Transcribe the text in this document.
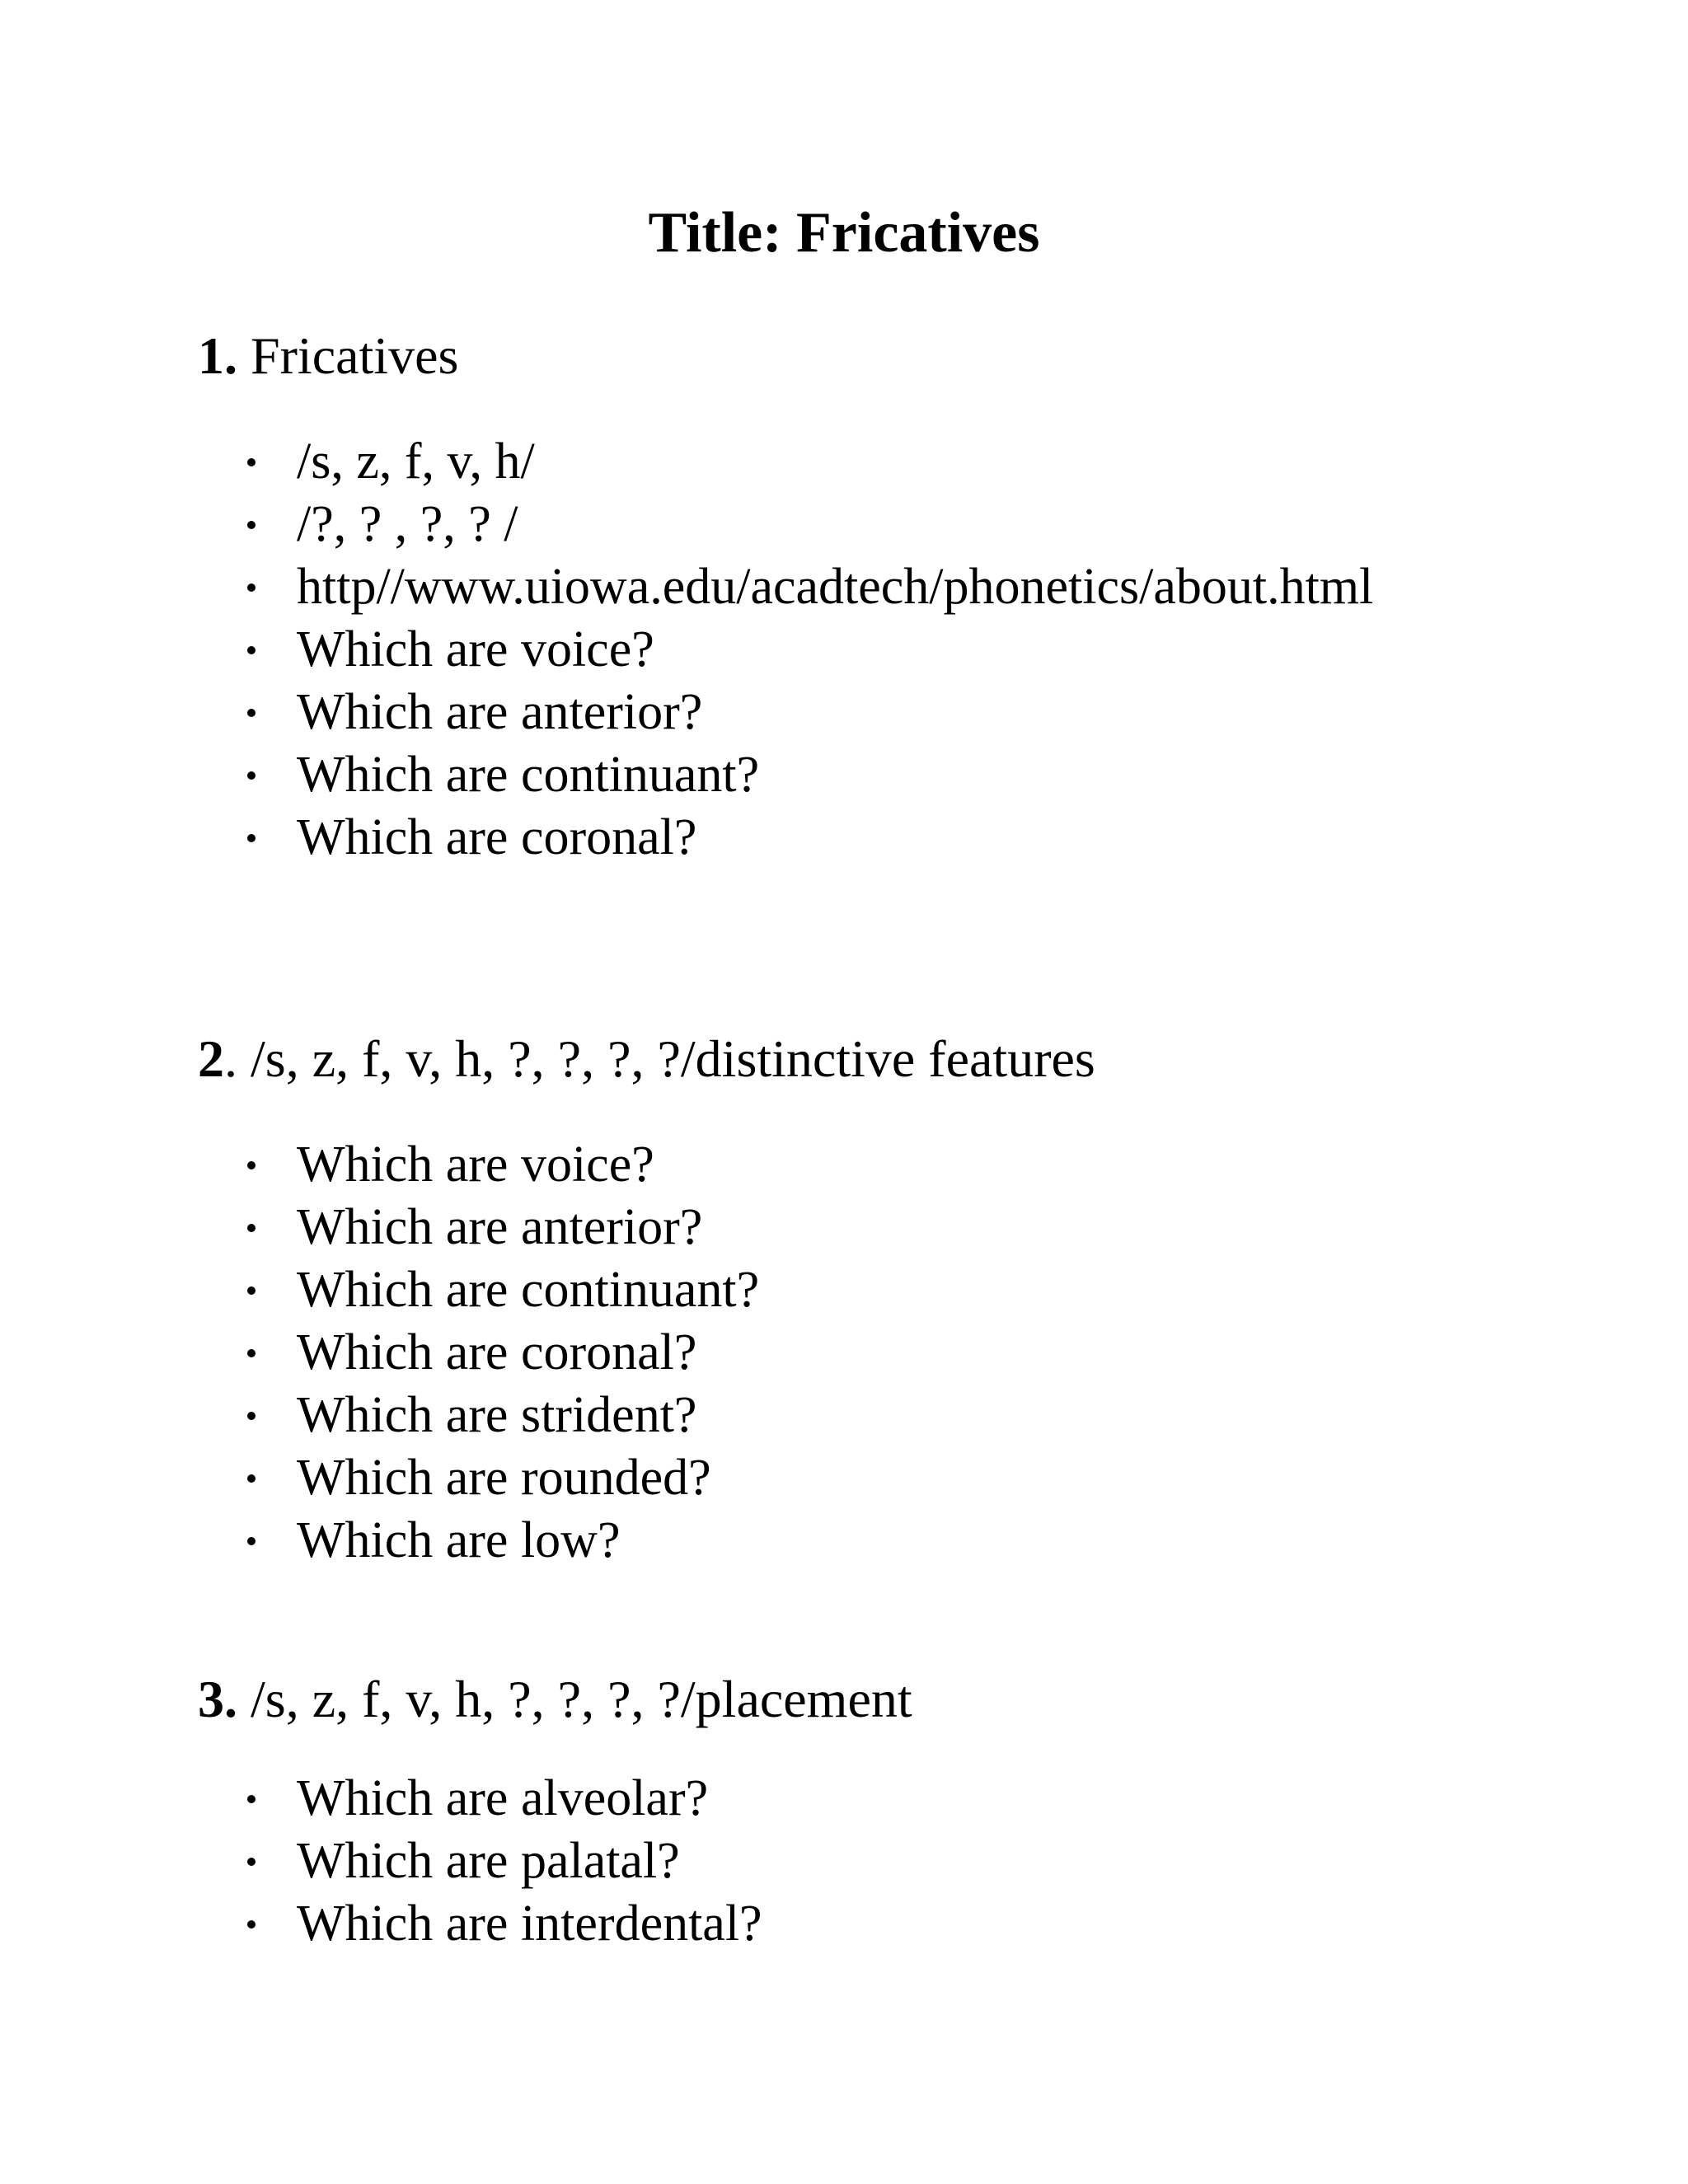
Title: Fricatives

1. Fricatives

/s, z, f, v, h/
/?, ? , ?, ? /
http//www.uiowa.edu/acadtech/phonetics/about.html
Which are voice?
Which are anterior?
Which are continuant?
Which are coronal?

2. /s, z, f, v, h, ?, ?, ?, ?/distinctive features

Which are voice?
Which are anterior?
Which are continuant?
Which are coronal?
Which are strident?
Which are rounded?
Which are low?

3. /s, z, f, v, h, ?, ?, ?, ?/placement

Which are alveolar?
Which are palatal?
Which are interdental?
